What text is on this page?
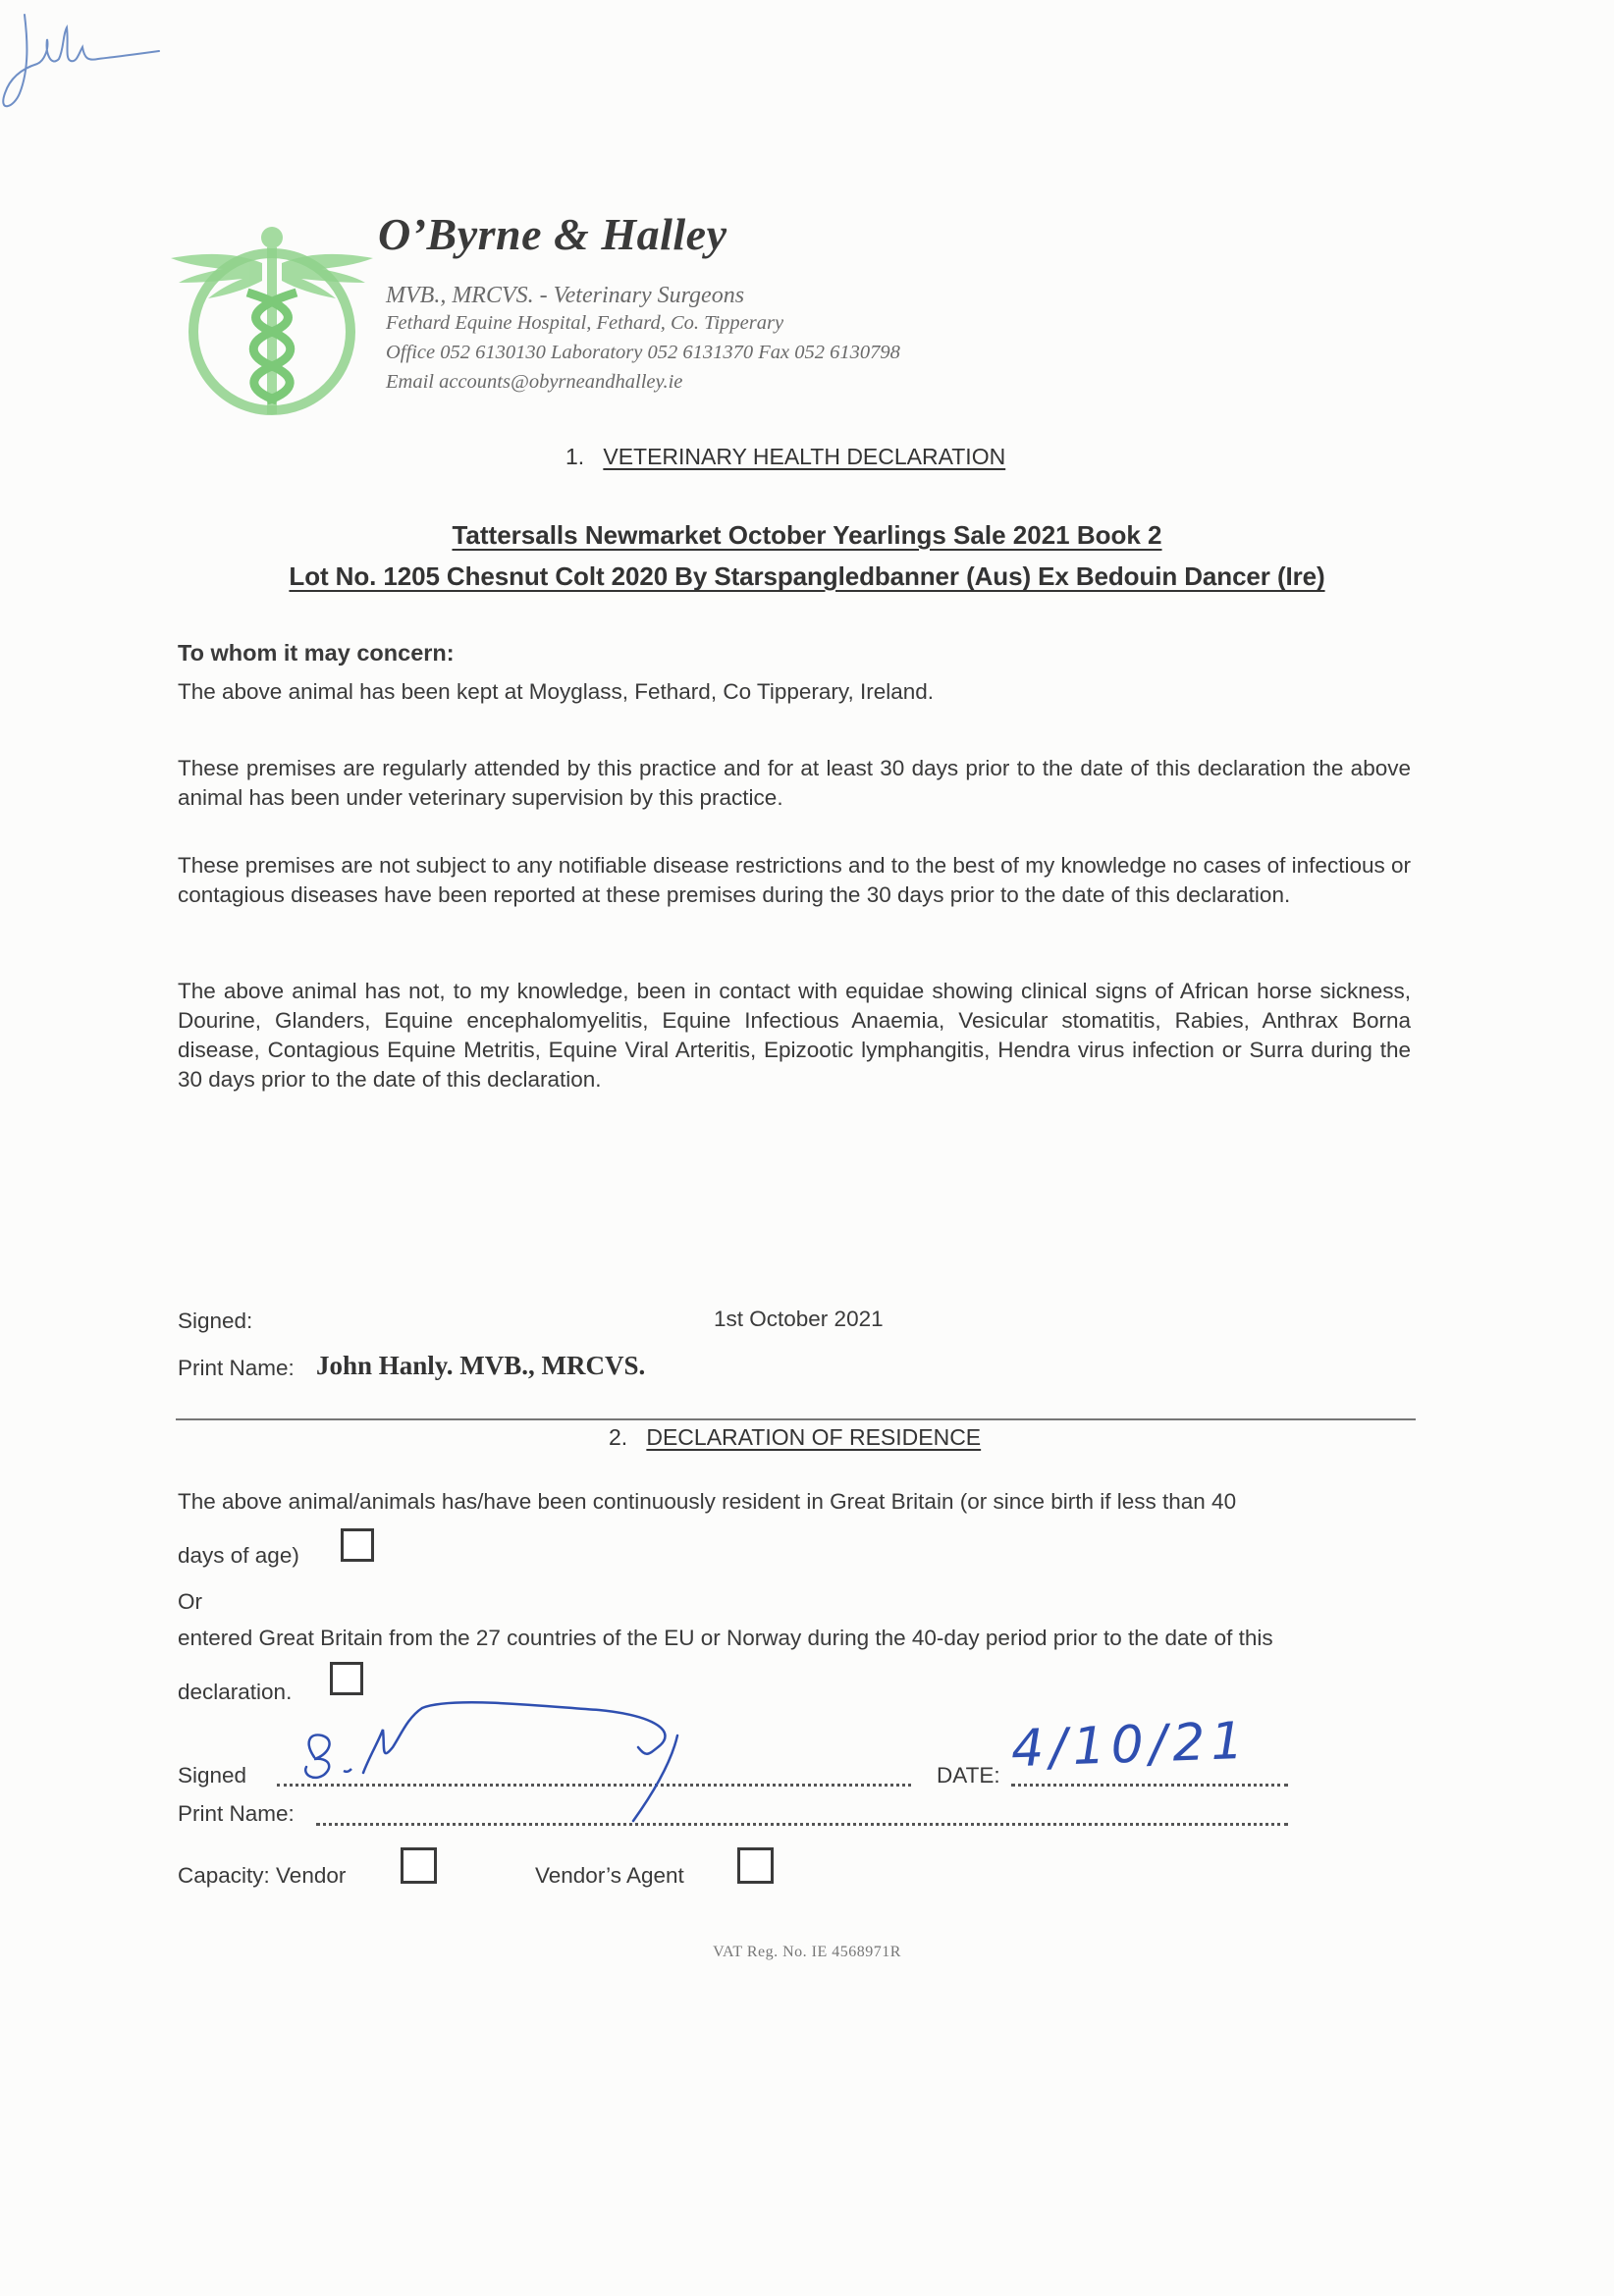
O’Byrne & Halley
MVB., MRCVS. - Veterinary Surgeons
Fethard Equine Hospital, Fethard, Co. Tipperary
Office 052 6130130 Laboratory 052 6131370 Fax 052 6130798
Email accounts@obyrneandhalley.ie
1. VETERINARY HEALTH DECLARATION
Tattersalls Newmarket October Yearlings Sale 2021 Book 2
Lot No. 1205 Chesnut Colt 2020 By Starspangledbanner (Aus) Ex Bedouin Dancer (Ire)
To whom it may concern:
The above animal has been kept at Moyglass, Fethard, Co Tipperary, Ireland.
These premises are regularly attended by this practice and for at least 30 days prior to the date of this declaration the above animal has been under veterinary supervision by this practice.
These premises are not subject to any notifiable disease restrictions and to the best of my knowledge no cases of infectious or contagious diseases have been reported at these premises during the 30 days prior to the date of this declaration.
The above animal has not, to my knowledge, been in contact with equidae showing clinical signs of African horse sickness, Dourine, Glanders, Equine encephalomyelitis, Equine Infectious Anaemia, Vesicular stomatitis, Rabies, Anthrax Borna disease, Contagious Equine Metritis, Equine Viral Arteritis, Epizootic lymphangitis, Hendra virus infection or Surra during the 30 days prior to the date of this declaration.
Signed:	1st October 2021
Print Name: John Hanly. MVB., MRCVS.
2. DECLARATION OF RESIDENCE
The above animal/animals has/have been continuously resident in Great Britain (or since birth if less than 40
days of age)
Or
entered Great Britain from the 27 countries of the EU or Norway during the 40-day period prior to the date of this
declaration.
Signed	DATE: 4/10/21
Print Name:
Capacity: Vendor	Vendor’s Agent
VAT Reg. No. IE 4568971R
